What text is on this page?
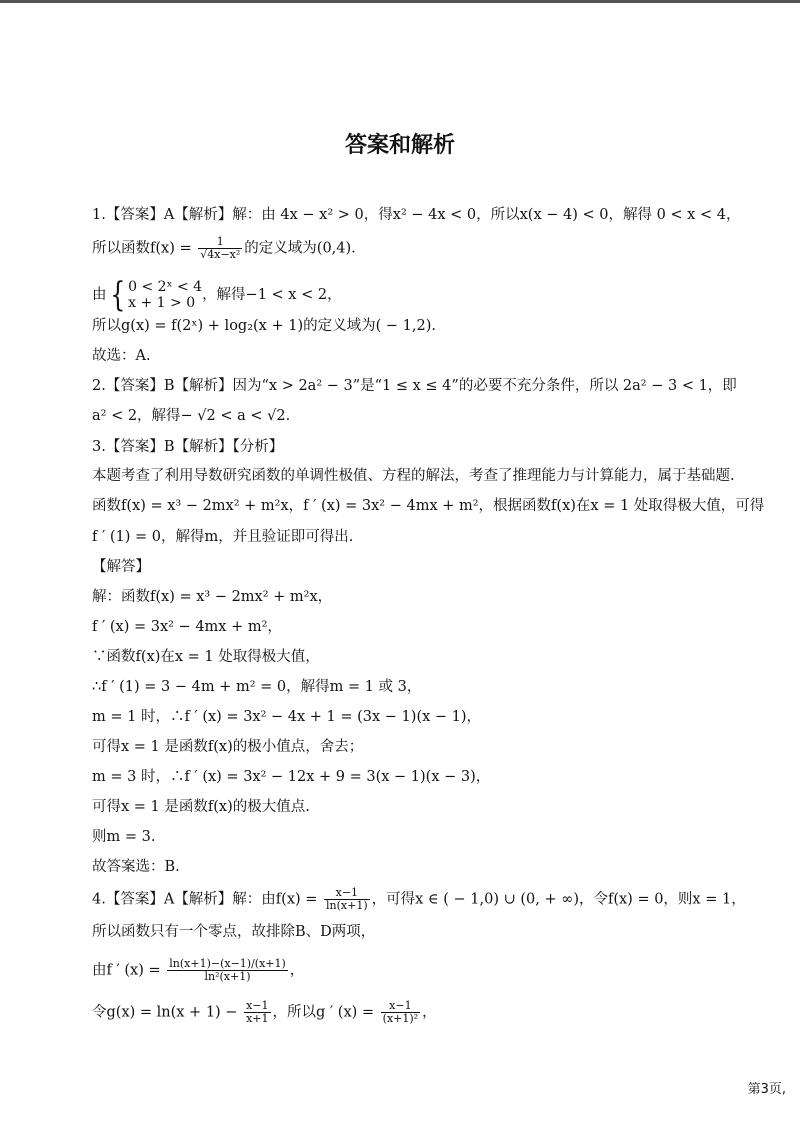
答案和解析
1.【答案】A【解析】解：由 4x − x² > 0，得x² − 4x < 0，所以x(x − 4) < 0，解得 0 < x < 4，
所以函数$f(x) = \frac{1}{\text{√4x−x²}}$ 的定义域为(0,4).
由{ 0 < 2ˣ < 4
x + 1 > 0 ，解得−1 < x < 2，
所以g(x) = f(2ˣ) + log₂(x + 1)的定义域为( − 1,2).
故选：A.
2.【答案】B【解析】因为“x > 2a² − 3”是“1 ≤ x ≤ 4”的必要不充分条件，所以 2a² − 3 < 1，即
a² < 2，解得− √2 < a < √2.
3.【答案】B【解析】【分析】
本题考查了利用导数研究函数的单调性极值、方程的解法，考查了推理能力与计算能力，属于基础题.
函数f(x) = x³ − 2mx² + m²x，f ′ (x) = 3x² − 4mx + m²，根据函数f(x)在x = 1 处取得极大值，可得
f ′ (1) = 0，解得m，并且验证即可得出.
【解答】
解：函数f(x) = x³ − 2mx² + m²x，
f ′ (x) = 3x² − 4mx + m²，
∵函数f(x)在x = 1 处取得极大值，
∴f ′ (1) = 3 − 4m + m² = 0，解得m = 1 或 3，
m = 1 时，∴f ′ (x) = 3x² − 4x + 1 = (3x − 1)(x − 1)，
可得x = 1 是函数f(x)的极小值点，舍去；
m = 3 时，∴f ′ (x) = 3x² − 12x + 9 = 3(x − 1)(x − 3)，
可得x = 1 是函数f(x)的极大值点.
则m = 3.
故答案选：B.
4.【答案】A【解析】解：由$f(x) = \frac{x-1}{\ln(x+1)}$ ，可得x ∈ ( − 1,0) ∪ (0, + ∞)，令f(x) = 0，则x = 1，
所以函数只有一个零点，故排除B、D两项，
由f ′ $(x) = \frac{\ln(x+1)-(x-1)/(x+1)}{\text{ln²(x+1)}}$ ，
令$g(x) = \ln(x + 1) - \frac{x-1}{x+1}$ ，所以g ′ $(x) = \frac{x-1}{\text{(x+1)²}}$ ，
第3页,
